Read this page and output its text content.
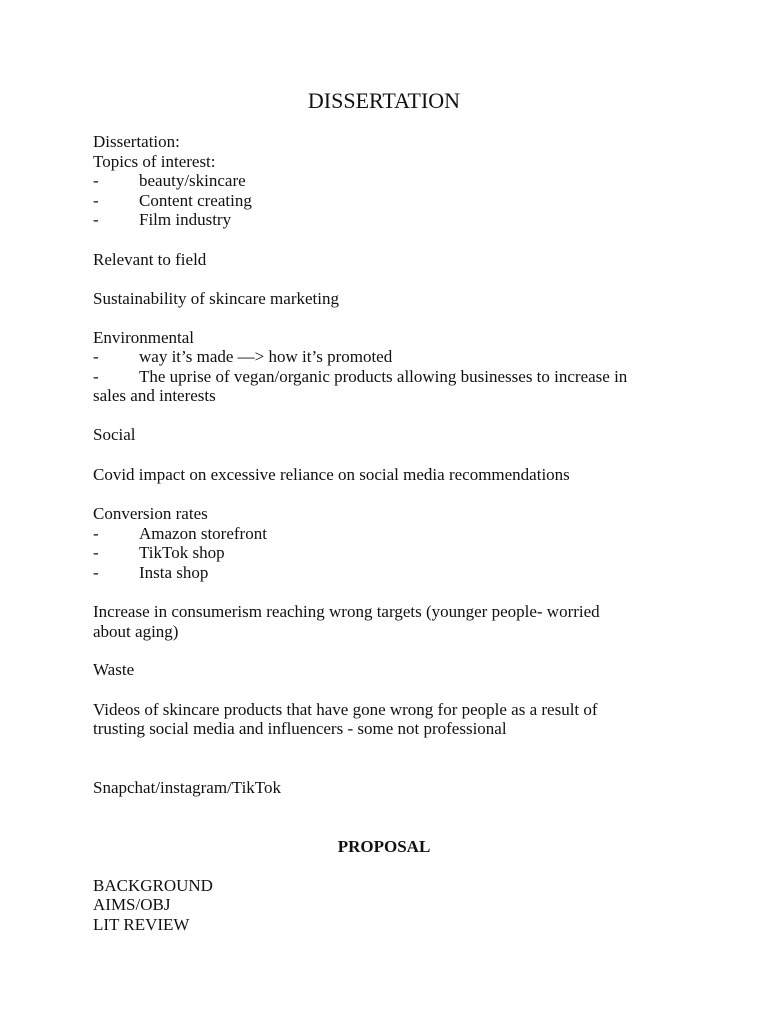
DISSERTATION

Dissertation:

Topics of interest:

- beauty/skincare
- Content creating
- Film industry

Relevant to field

Sustainability of skincare marketing

Environmental

- way it’s made —> how it’s promoted
- The uprise of vegan/organic products allowing businesses to increase in

sales and interests

Social

Covid impact on excessive reliance on social media recommendations

Conversion rates

- Amazon storefront
- TikTok shop
- Insta shop

Increase in consumerism reaching wrong targets (younger people- worried

about aging)

Waste

Videos of skincare products that have gone wrong for people as a result of

trusting social media and influencers - some not professional

Snapchat/instagram/TikTok

PROPOSAL

BACKGROUND

AIMS/OBJ

LIT REVIEW
